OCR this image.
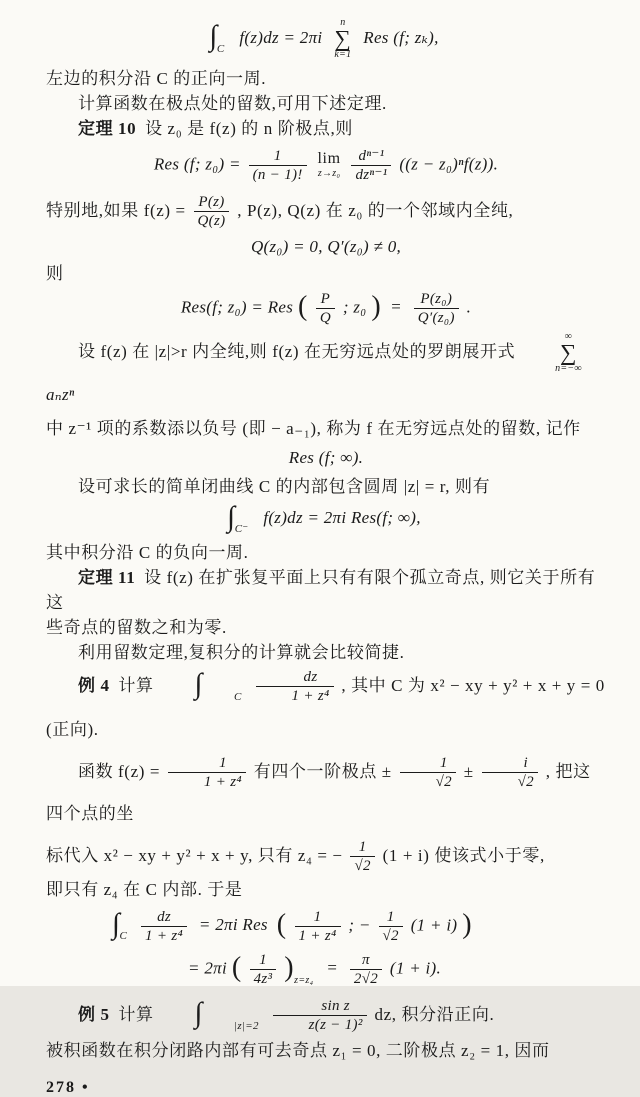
∫C f(z)dz = 2πi
n
∑
k=1
Res (f; zₖ),
左边的积分沿 C 的正向一周.
计算函数在极点处的留数,可用下述定理.
定理 10 设 z₀ 是 f(z) 的 n 阶极点,则
Res (f; $z_0) = \frac{1}{(n - 1)!}$
lim
z→z₀
$\frac{\text{dⁿ⁻¹}}{\text{dzⁿ⁻¹}} ((z - z_0)^nf(z))$.
特别地,如果 $f(z) = \frac{P(z)}{Q(z)}$ , P(z), Q(z) 在 z₀ 的一个邻域内全纯,
Q(z₀) = 0, Q′(z₀) ≠ 0,
则
Res(f; z₀) = Res ( $\frac{P}{Q}$ ; z₀ ) = $\frac{\text{P(z₀)}}{\text{Q′(z₀)}}$ .
设 f(z) 在 |z|>r 内全纯,则 f(z) 在无穷远点处的罗朗展开式
∞
∑
n=−∞
aₙzⁿ
中 z⁻¹ 项的系数添以负号 (即 − a₋₁), 称为 f 在无穷远点处的留数, 记作
Res (f; ∞).
设可求长的简单闭曲线 C 的内部包含圆周 |z| = r, 则有
∫C⁻ f(z)dz = 2πi Res(f; ∞),
其中积分沿 C 的负向一周.
定理 11 设 f(z) 在扩张复平面上只有有限个孤立奇点, 则它关于所有这
些奇点的留数之和为零.
利用留数定理,复积分的计算就会比较简捷.
例 4 计算 ∫	C $\frac{dz}{\text{1 + z⁴}}$ , 其中 C 为 x² − xy + y² + x + y = 0 (正向).
函数 $f(z) = \frac{1}{\text{1 + z⁴}}$ 有四个一阶极点 ± $\frac{1}{√2} \pm \frac{i}{√2}$ , 把这四个点的坐
标代入 x² − xy + y² + x + y, 只有 z₄ = − $\frac{1}{√2} (1 + i)$ 使该式小于零,
即只有 z₄ 在 C 内部. 于是
$\int C \frac{dz}{\text{1 + z⁴}} = 2\pi i$ Res ( $\frac{1}{\text{1 + z⁴}}$ ; − $\frac{1}{√2} (1 + i)$ )
= 2πi ( $\frac{1}{\text{4z³}} )z=z_4 = \frac{\pi}{2√2} (1 + i)$.
例 5 计算 ∫	$|z|=2 \frac{\text{sin z}}{\text{z(z − 1)²}}$ dz, 积分沿正向.
被积函数在积分闭路内部有可去奇点 z₁ = 0, 二阶极点 z₂ = 1, 因而
278 •
